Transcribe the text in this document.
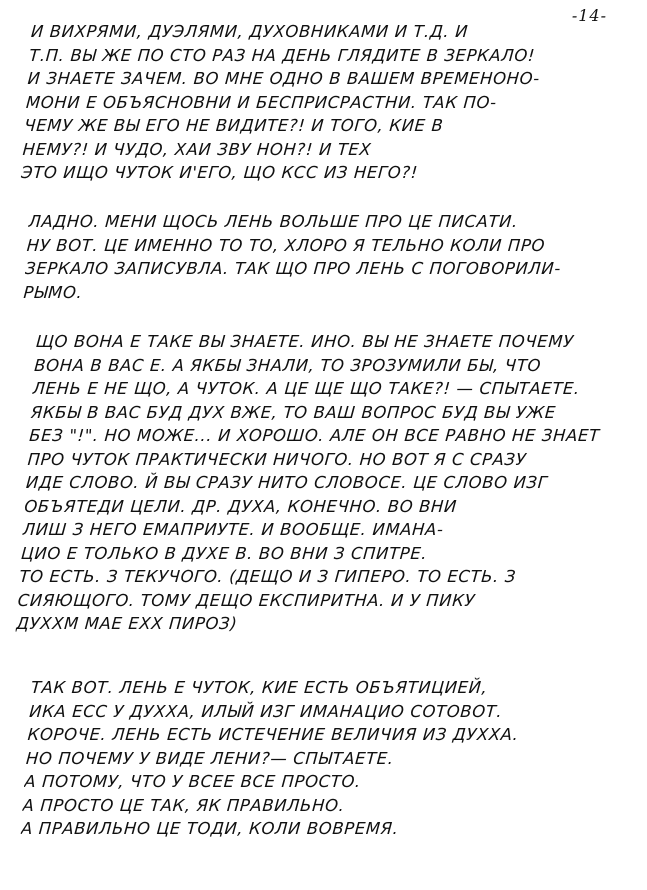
-14-
И ВИХРЯМИ, ДУЭЛЯМИ, ДУХОВНИКАМИ И Т.Д. И
Т.П. ВЫ ЖЕ ПО СТО РАЗ НА ДЕНЬ ГЛЯДИТЕ В ЗЕРКАЛО!
И ЗНАЕТЕ ЗАЧЕМ. ВО МНЕ ОДНО В ВАШЕМ ВРЕМЕНОНО-
МОНИ Е ОБЪЯСНОВНИ И БЕСПРИСРАСТНИ. ТАК ПО-
ЧЕМУ ЖЕ ВЫ ЕГО НЕ ВИДИТЕ?! И ТОГО, КИЕ В
НЕМУ?! И ЧУДО, ХАИ ЗВУ НОН?! И ТЕХ
ЭТО ИЩО ЧУТОК И'ЕГО, ЩО КСС ИЗ НЕГО?!
ЛАДНО. МЕНИ ЩОСЬ ЛЕНЬ ВОЛЬШЕ ПРО ЦЕ ПИСАТИ.
НУ ВОТ. ЦЕ ИМЕННО ТО ТО, ХЛОРО Я ТЕЛЬНО КОЛИ ПРО
ЗЕРКАЛО ЗАПИСУВЛА. ТАК ЩО ПРО ЛЕНЬ С ПОГОВОРИЛИ-
РЫМО.
ЩО ВОНА Е ТАКЕ ВЫ ЗНАЕТЕ. ИНО. ВЫ НЕ ЗНАЕТЕ ПОЧЕМУ
ВОНА В ВАС Е. А ЯКБЫ ЗНАЛИ, ТО ЗРОЗУМИЛИ БЫ, ЧТО
ЛЕНЬ Е НЕ ЩО, А ЧУТОК. А ЦЕ ЩЕ ЩО ТАКЕ?! — СПЫТАЕТЕ.
ЯКБЫ В ВАС БУД ДУХ ВЖЕ, ТО ВАШ ВОПРОС БУД ВЫ УЖЕ
БЕЗ "!". НО МОЖЕ... И ХОРОШО. АЛЕ ОН ВСЕ РАВНО НЕ ЗНАЕТ
ПРО ЧУТОК ПРАКТИЧЕСКИ НИЧОГО. НО ВОТ Я С СРАЗУ
ИДЕ СЛОВО. Й ВЫ СРАЗУ НИТО СЛОВОСЕ. ЦЕ СЛОВО ИЗГ
ОБЪЯТЕДИ ЦЕЛИ. ДР. ДУХА, КОНЕЧНО. ВО ВНИ
ЛИШ З НЕГО ЕМАПРИУТЕ. И ВООБЩЕ. ИМАНА-
ЦИО Е ТОЛЬКО В ДУХЕ В. ВО ВНИ З СПИТРЕ.
ТО ЕСТЬ. З ТЕКУЧОГО. (ДЕЩО И З ГИПЕРО. ТО ЕСТЬ. З
СИЯЮЩОГО. ТОМУ ДЕЩО ЕКСПИРИТНА. И У ПИКУ
ДУХХМ МАЕ ЕХХ ПИРОЗ)
ТАК ВОТ. ЛЕНЬ Е ЧУТОК, КИЕ ЕСТЬ ОБЪЯТИЦИЕЙ,
ИКА ЕСС У ДУХХА, ИЛЫЙ ИЗГ ИМАНАЦИО СОТОВОТ.
КОРОЧЕ. ЛЕНЬ ЕСТЬ ИСТЕЧЕНИЕ ВЕЛИЧИЯ ИЗ ДУХХА.
НО ПОЧЕМУ У ВИДЕ ЛЕНИ?— СПЫТАЕТЕ.
А ПОТОМУ, ЧТО У ВСЕЕ ВСЕ ПРОСТО.
А ПРОСТО ЦЕ ТАК, ЯК ПРАВИЛЬНО.
А ПРАВИЛЬНО ЦЕ ТОДИ, КОЛИ ВОВРЕМЯ.
